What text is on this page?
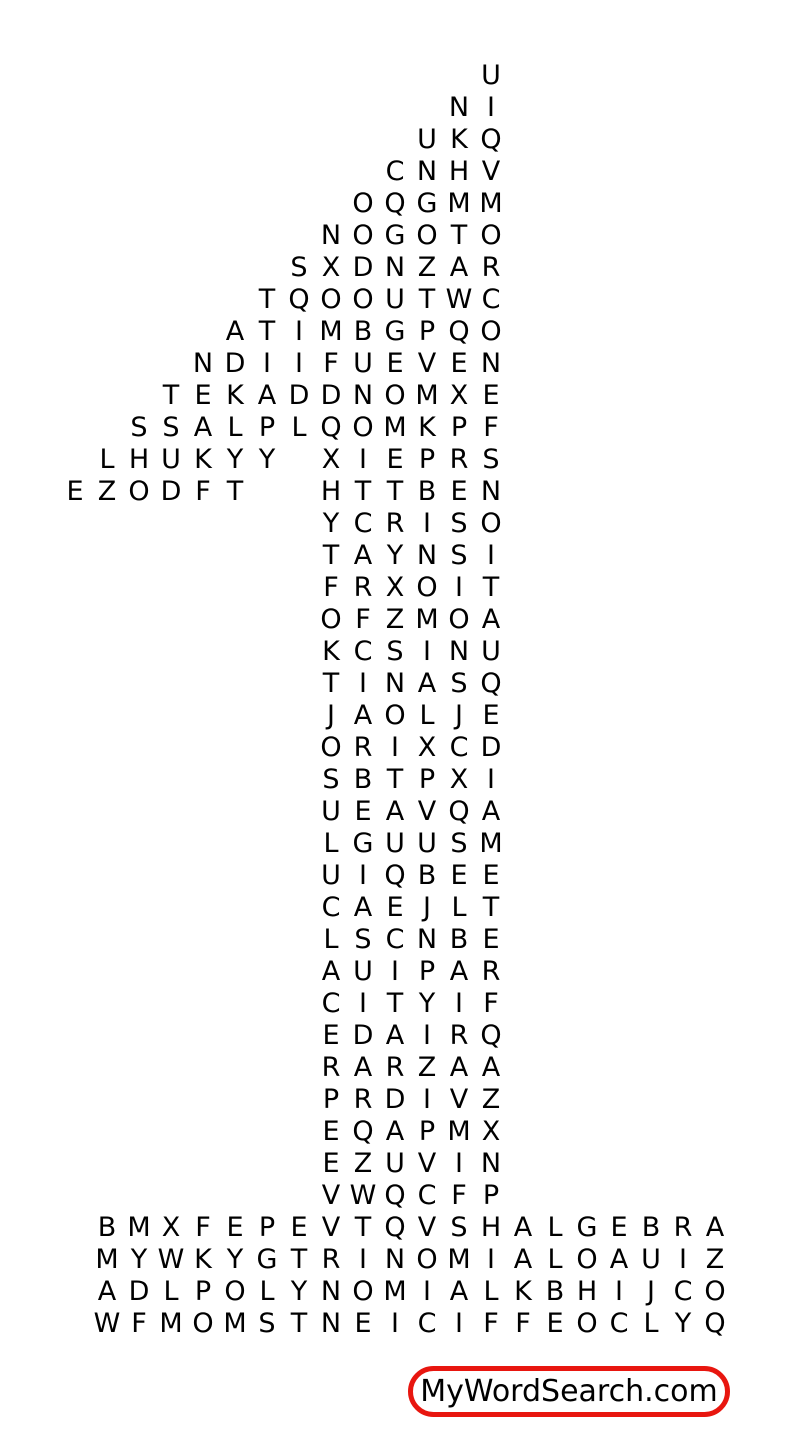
U
N I
U K Q
C N H V
O Q G M M
N O G O T O
S X D N Z A R
T Q O O U T W C
A T I M B G P Q O
N D I I F U E V E N
T E K A D D N O M X E
S S A L P L Q O M K P F
L H U K Y Y X I E P R S
E Z O D F T	H T T B E N
Y C R I S O
T A Y N S I
F R X O I T
O F Z M O A
K C S I N U
T I N A S Q
J A O L J E
O R I X C D
S B T P X I
U E A V Q A
L G U U S M
U I Q B E E
C A E J L T
L S C N B E
A U I P A R
C I T Y I F
E D A I R Q
R A R Z A A
P R D I V Z
E Q A P M X
E Z U V I N
V W Q C F P
B M X F E P E V T Q V S H A L G E B R A
M Y W K Y G T R I N O M I A L O A U I Z
A D L P O L Y N O M I A L K B H I J C O
W F M O M S T N E I C I F F E O C L Y Q
MyWordSearch.com
